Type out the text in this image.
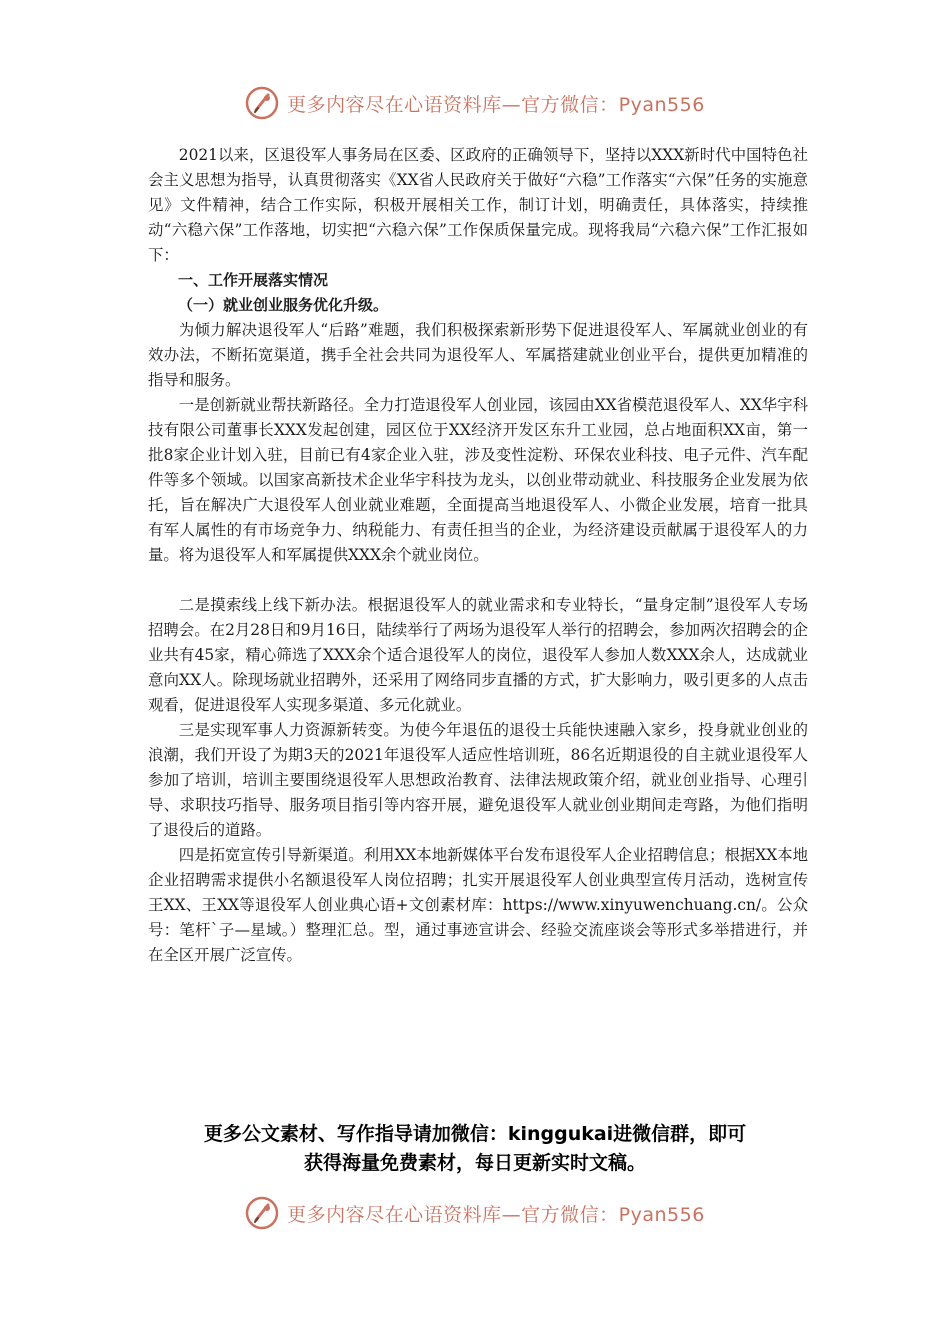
更多内容尽在心语资料库—官方微信：Pyan556

2021以来，区退役军人事务局在区委、区政府的正确领导下，坚持以XXX新时代中国特色社会主义思想为指导，认真贯彻落实《XX省人民政府关于做好“六稳”工作落实“六保”任务的实施意见》文件精神，结合工作实际，积极开展相关工作，制订计划，明确责任，具体落实，持续推动“六稳六保”工作落地，切实把“六稳六保”工作保质保量完成。现将我局“六稳六保”工作汇报如下：

一、工作开展落实情况

（一）就业创业服务优化升级。

为倾力解决退役军人“后路”难题，我们积极探索新形势下促进退役军人、军属就业创业的有效办法，不断拓宽渠道，携手全社会共同为退役军人、军属搭建就业创业平台，提供更加精准的指导和服务。

一是创新就业帮扶新路径。全力打造退役军人创业园，该园由XX省模范退役军人、XX华宇科技有限公司董事长XXX发起创建，园区位于XX经济开发区东升工业园，总占地面积XX亩，第一批8家企业计划入驻，目前已有4家企业入驻，涉及变性淀粉、环保农业科技、电子元件、汽车配件等多个领域。以国家高新技术企业华宇科技为龙头，以创业带动就业、科技服务企业发展为依托，旨在解决广大退役军人创业就业难题，全面提高当地退役军人、小微企业发展，培育一批具有军人属性的有市场竞争力、纳税能力、有责任担当的企业，为经济建设贡献属于退役军人的力量。将为退役军人和军属提供XXX余个就业岗位。

二是摸索线上线下新办法。根据退役军人的就业需求和专业特长，“量身定制”退役军人专场招聘会。在2月28日和9月16日，陆续举行了两场为退役军人举行的招聘会，参加两次招聘会的企业共有45家，精心筛选了XXX余个适合退役军人的岗位，退役军人参加人数XXX余人，达成就业意向XX人。除现场就业招聘外，还采用了网络同步直播的方式，扩大影响力，吸引更多的人点击观看，促进退役军人实现多渠道、多元化就业。

三是实现军事人力资源新转变。为使今年退伍的退役士兵能快速融入家乡，投身就业创业的浪潮，我们开设了为期3天的2021年退役军人适应性培训班，86名近期退役的自主就业退役军人参加了培训，培训主要围绕退役军人思想政治教育、法律法规政策介绍，就业创业指导、心理引导、求职技巧指导、服务项目指引等内容开展，避免退役军人就业创业期间走弯路，为他们指明了退役后的道路。

四是拓宽宣传引导新渠道。利用XX本地新媒体平台发布退役军人企业招聘信息；根据XX本地企业招聘需求提供小名额退役军人岗位招聘；扎实开展退役军人创业典型宣传月活动，选树宣传王XX、王XX等退役军人创业典心语+文创素材库：https://www.xinyuwenchuang.cn/。公众号：笔杆`子—星域。）整理汇总。型，通过事迹宣讲会、经验交流座谈会等形式多举措进行，并在全区开展广泛宣传。

更多公文素材、写作指导请加微信：kinggukai进微信群，即可
获得海量免费素材，每日更新实时文稿。
更多内容尽在心语资料库—官方微信：Pyan556
